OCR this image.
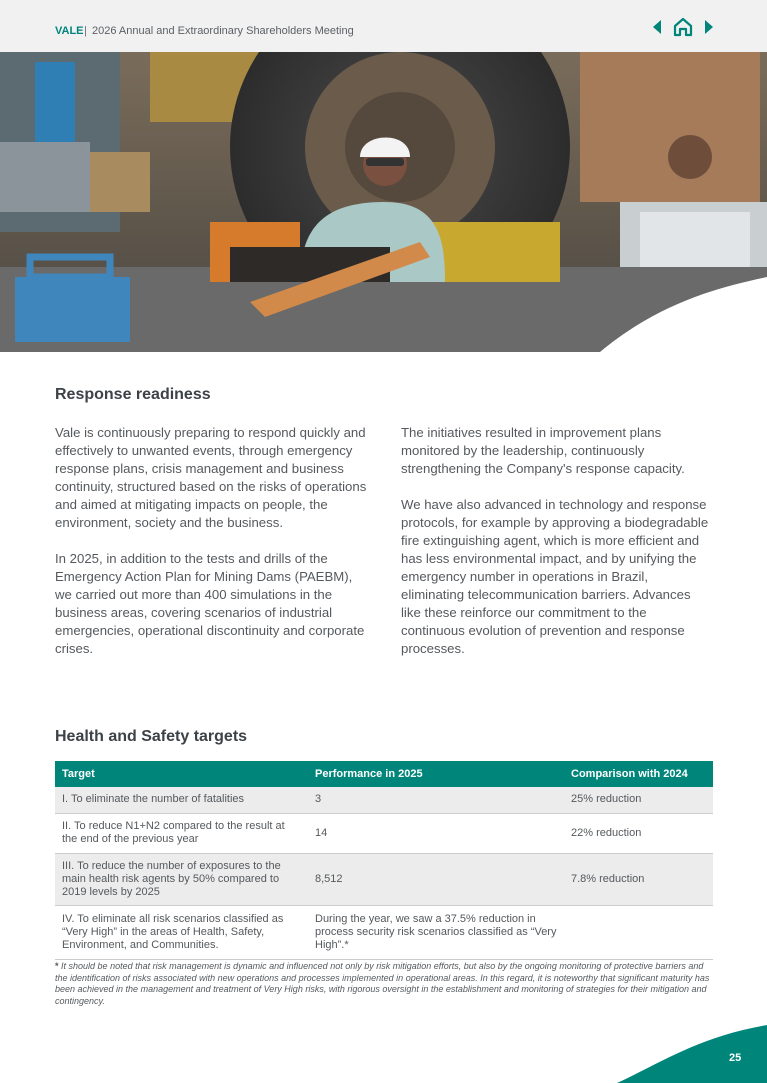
VALE | 2026 Annual and Extraordinary Shareholders Meeting
Response readiness

Vale is continuously preparing to respond quickly and effectively to unwanted events, through emergency response plans, crisis management and business continuity, structured based on the risks of operations and aimed at mitigating impacts on people, the environment, society and the business.

In 2025, in addition to the tests and drills of the Emergency Action Plan for Mining Dams (PAEBM), we carried out more than 400 simulations in the business areas, covering scenarios of industrial emergencies, operational discontinuity and corporate crises.

The initiatives resulted in improvement plans monitored by the leadership, continuously strengthening the Company's response capacity.

We have also advanced in technology and response protocols, for example by approving a biodegradable fire extinguishing agent, which is more efficient and has less environmental impact, and by unifying the emergency number in operations in Brazil, eliminating telecommunication barriers. Advances like these reinforce our commitment to the continuous evolution of prevention and response processes.

Health and Safety targets
Target	Performance in 2025	Comparison with 2024
I. To eliminate the number of fatalities	3	25% reduction
II. To reduce N1+N2 compared to the result at the end of the previous year	14	22% reduction
III. To reduce the number of exposures to the main health risk agents by 50% compared to 2019 levels by 2025	8,512	7.8% reduction
IV. To eliminate all risk scenarios classified as “Very High” in the areas of Health, Safety, Environment, and Communities.	During the year, we saw a 37.5% reduction in process security risk scenarios classified as “Very High”.*	
* It should be noted that risk management is dynamic and influenced not only by risk mitigation efforts, but also by the ongoing monitoring of protective barriers and the identification of risks associated with new operations and processes implemented in operational areas. In this regard, it is noteworthy that significant maturity has been achieved in the management and treatment of Very High risks, with rigorous oversight in the establishment and monitoring of strategies for their mitigation and contingency.
25
